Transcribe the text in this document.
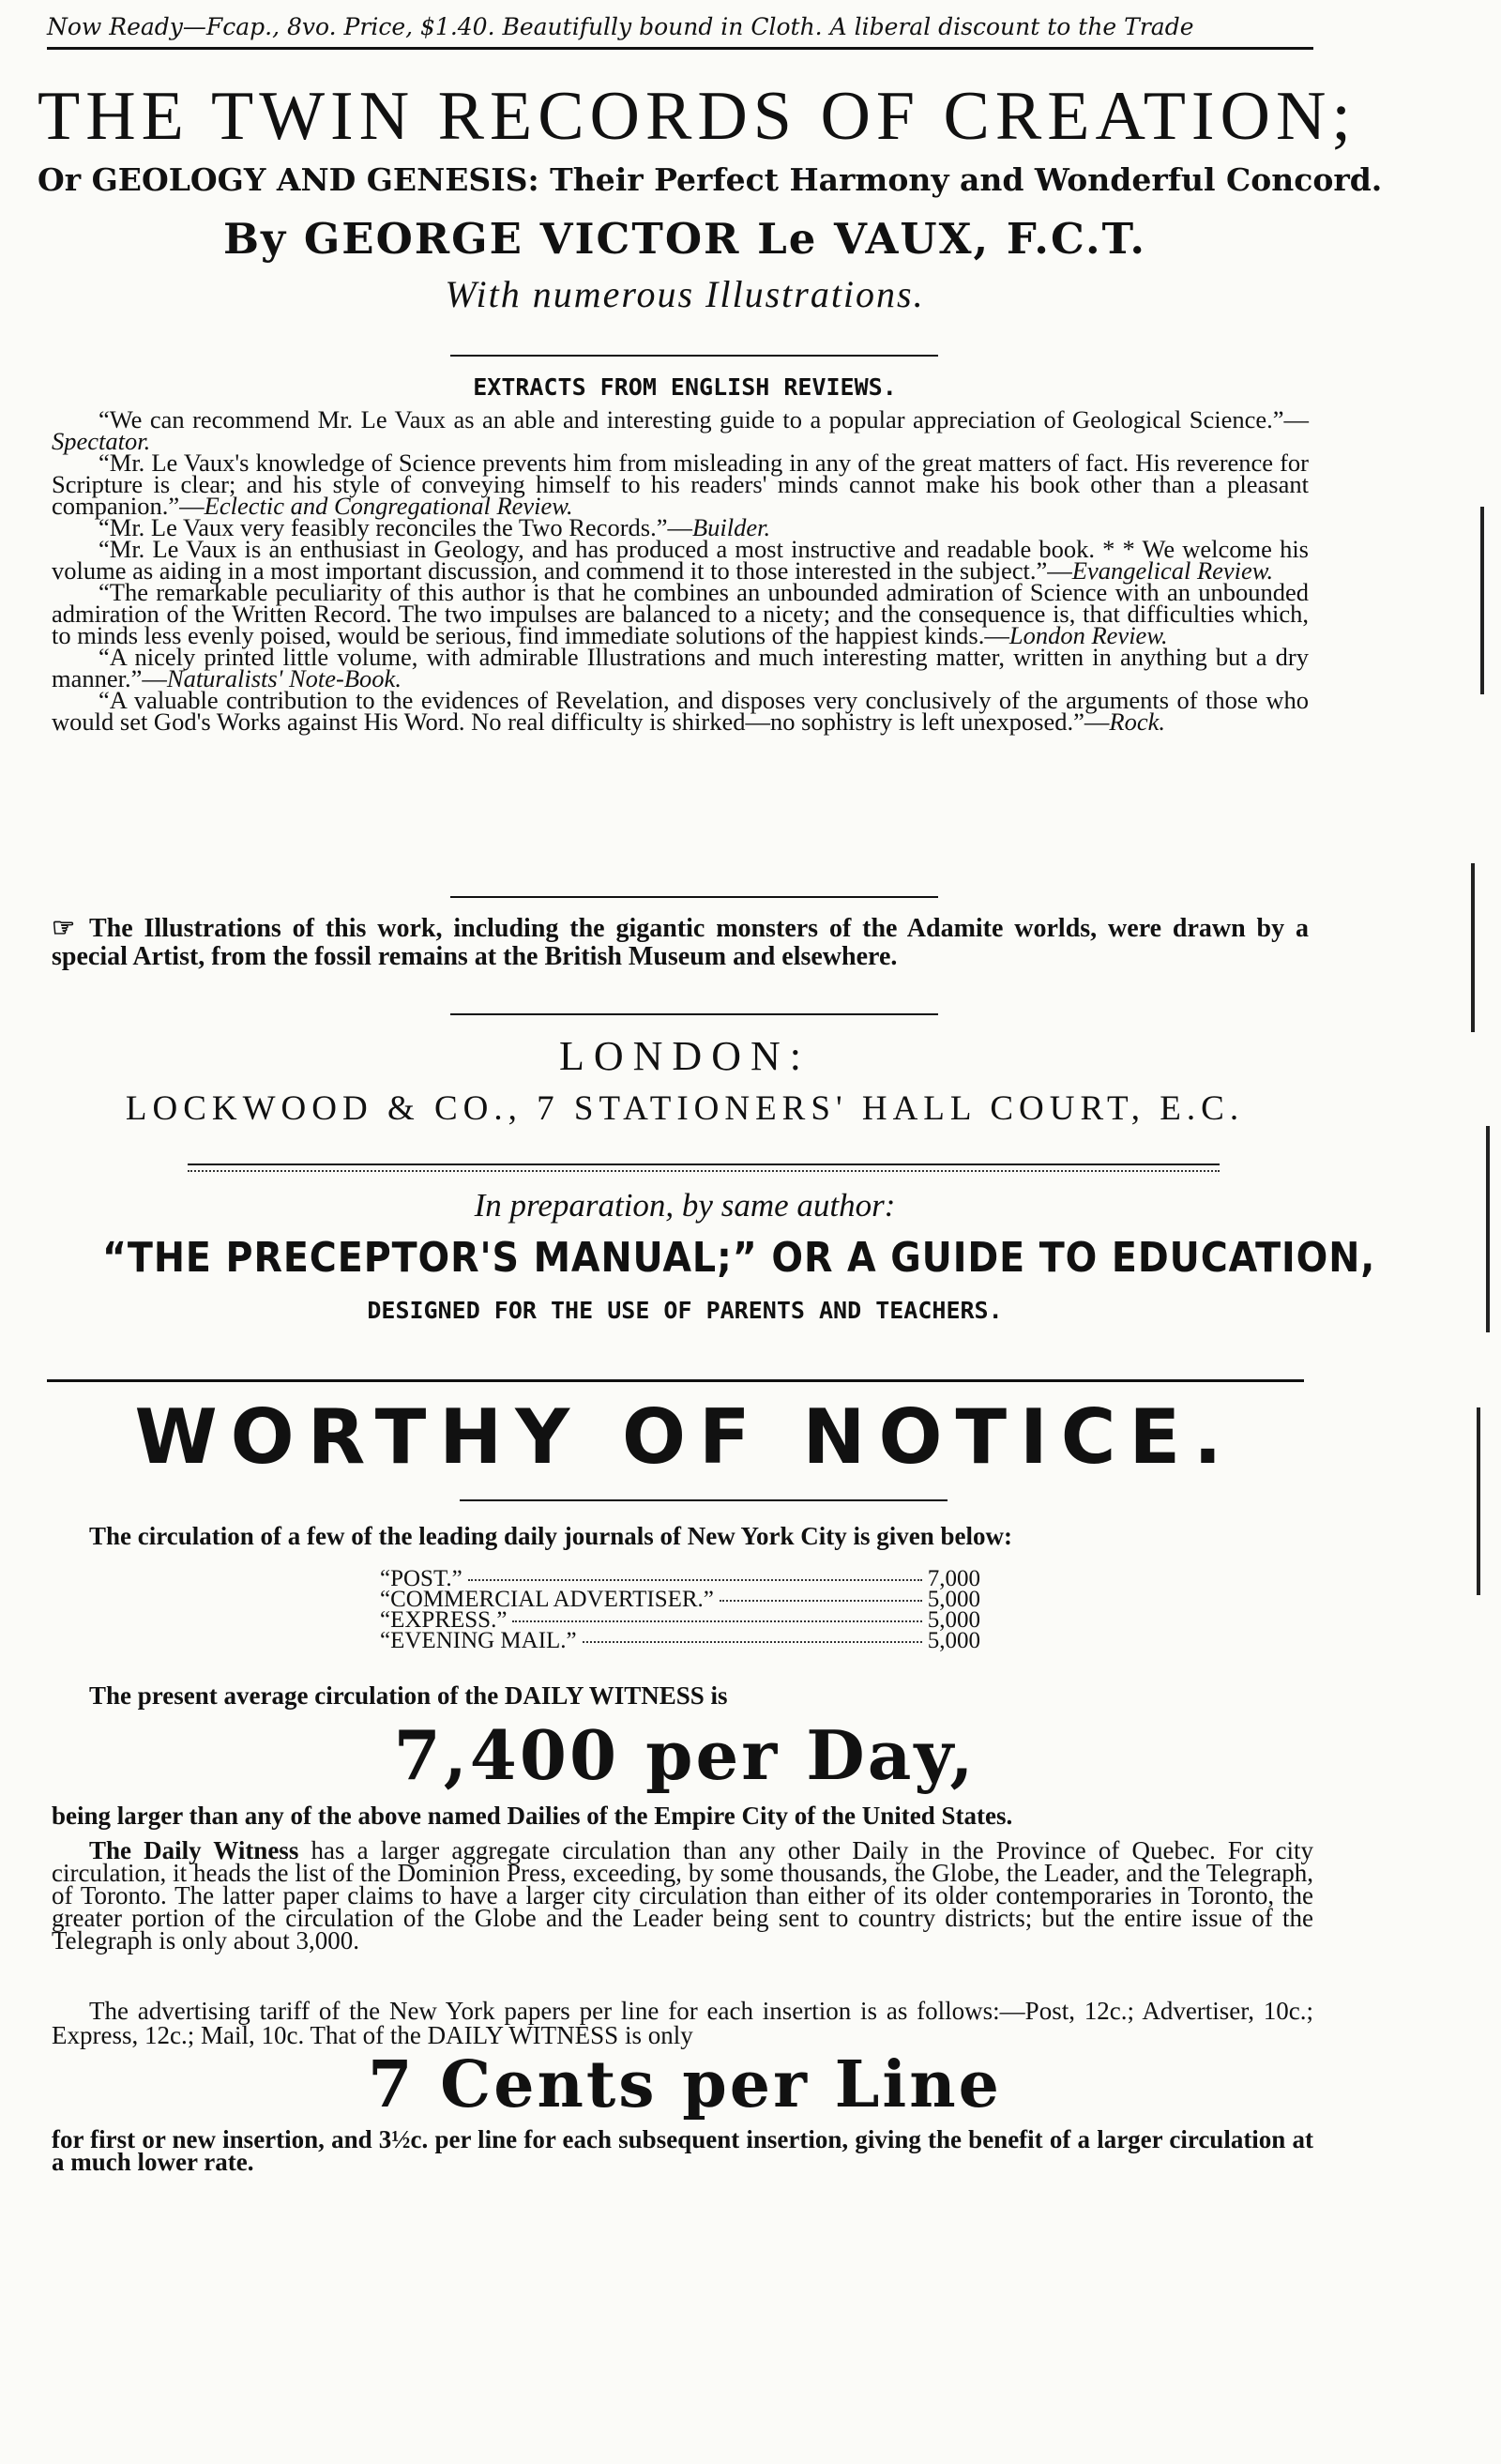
Now Ready—Fcap., 8vo. Price, $1.40. Beautifully bound in Cloth. A liberal discount to the Trade
THE TWIN RECORDS OF CREATION;
Or GEOLOGY AND GENESIS: Their Perfect Harmony and Wonderful Concord.
By GEORGE VICTOR Le VAUX, F.C.T.
With numerous Illustrations.
EXTRACTS FROM ENGLISH REVIEWS.

“We can recommend Mr. Le Vaux as an able and interesting guide to a popular appreciation of Geological Science.”—Spectator.

“Mr. Le Vaux's knowledge of Science prevents him from misleading in any of the great matters of fact. His reverence for Scripture is clear; and his style of conveying himself to his readers' minds cannot make his book other than a pleasant companion.”—Eclectic and Congregational Review.

“Mr. Le Vaux very feasibly reconciles the Two Records.”—Builder.

“Mr. Le Vaux is an enthusiast in Geology, and has produced a most instructive and readable book. * * We welcome his volume as aiding in a most important discussion, and commend it to those interested in the subject.”—Evangelical Review.

“The remarkable peculiarity of this author is that he combines an unbounded admiration of Science with an unbounded admiration of the Written Record. The two impulses are balanced to a nicety; and the consequence is, that difficulties which, to minds less evenly poised, would be serious, find immediate solutions of the happiest kinds.—London Review.

“A nicely printed little volume, with admirable Illustrations and much interesting matter, written in anything but a dry manner.”—Naturalists' Note-Book.

“A valuable contribution to the evidences of Revelation, and disposes very conclusively of the arguments of those who would set God's Works against His Word. No real difficulty is shirked—no sophistry is left unexposed.”—Rock.

☞ The Illustrations of this work, including the gigantic monsters of the Adamite worlds, were drawn by a special Artist, from the fossil remains at the British Museum and elsewhere.
LONDON:
LOCKWOOD & CO., 7 STATIONERS' HALL COURT, E.C.
In preparation, by same author:
“THE PRECEPTOR'S MANUAL;” OR A GUIDE TO EDUCATION,
DESIGNED FOR THE USE OF PARENTS AND TEACHERS.
WORTHY OF NOTICE.
The circulation of a few of the leading daily journals of New York City is given below:
“POST.”	7,000
“COMMERCIAL ADVERTISER.”	5,000
“EXPRESS.”	5,000
“EVENING MAIL.”	5,000
The present average circulation of the DAILY WITNESS is
7,400 per Day,
being larger than any of the above named Dailies of the Empire City of the United States.

The Daily Witness has a larger aggregate circulation than any other Daily in the Province of Quebec. For city circulation, it heads the list of the Dominion Press, exceeding, by some thousands, the Globe, the Leader, and the Telegraph, of Toronto. The latter paper claims to have a larger city circulation than either of its older contemporaries in Toronto, the greater portion of the circulation of the Globe and the Leader being sent to country districts; but the entire issue of the Telegraph is only about 3,000.

The advertising tariff of the New York papers per line for each insertion is as follows:—Post, 12c.; Advertiser, 10c.; Express, 12c.; Mail, 10c. That of the DAILY WITNESS is only

7 Cents per Line
for first or new insertion, and 3½c. per line for each subsequent insertion, giving the benefit of a larger circulation at a much lower rate.
